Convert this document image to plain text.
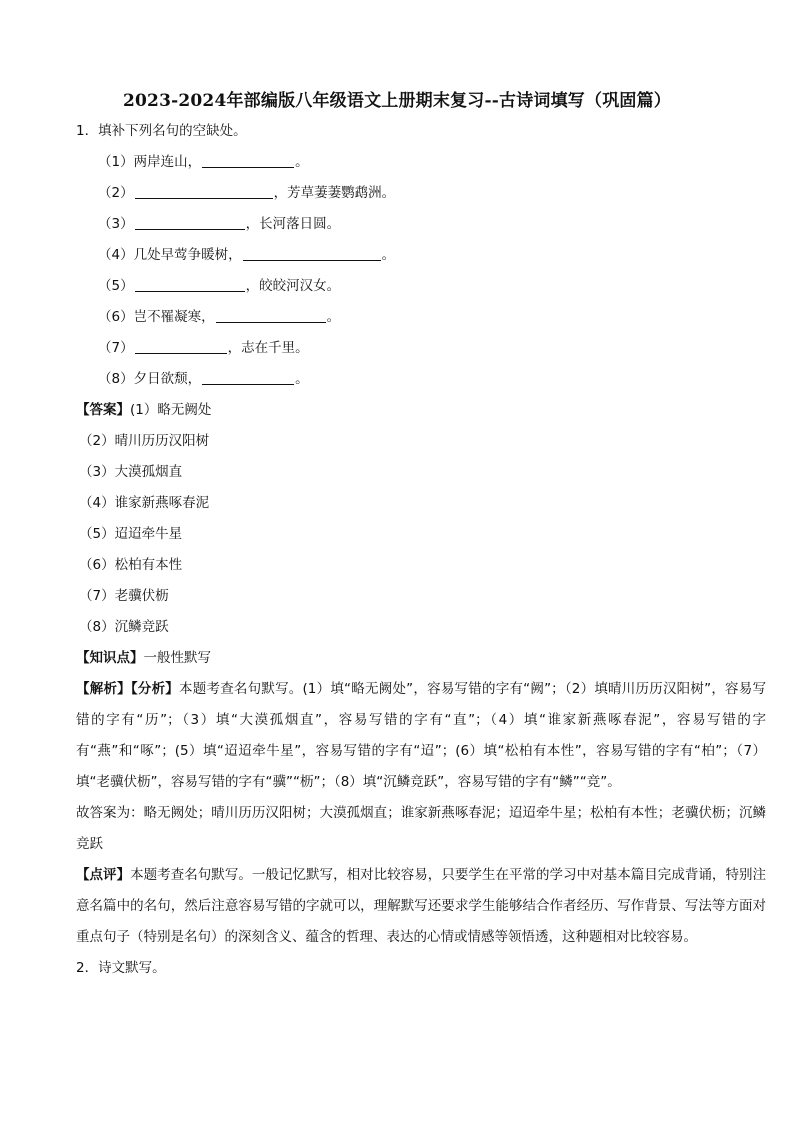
2023-2024年部编版八年级语文上册期末复习--古诗词填写（巩固篇）
1．填补下列名句的空缺处。
（1）两岸连山，	。
（2）	，芳草萋萋鹦鹉洲。
（3）	，长河落日圆。
（4）几处早莺争暖树，	。
（5）	，皎皎河汉女。
（6）岂不罹凝寒，	。
（7）	，志在千里。
（8）夕日欲颓，	。
【答案】(1）略无阙处
（2）晴川历历汉阳树
（3）大漠孤烟直
（4）谁家新燕啄春泥
（5）迢迢牵牛星
（6）松柏有本性
（7）老骥伏枥
（8）沉鳞竞跃
【知识点】一般性默写
【解析】【分析】本题考查名句默写。(1）填“略无阙处”，容易写错的字有“阙”；（2）填晴川历历汉阳树”，容易写错的字有“历”；（3）填“大漠孤烟直”，容易写错的字有“直”；（4）填“谁家新燕啄春泥”，容易写错的字有“燕”和“啄”；(5）填“迢迢牵牛星”，容易写错的字有“迢”；(6）填“松柏有本性”，容易写错的字有“柏”；（7）填“老骥伏枥”，容易写错的字有“骥”“枥”；（8）填“沉鳞竞跃”，容易写错的字有“鳞”“竞”。
故答案为：略无阙处；晴川历历汉阳树；大漠孤烟直；谁家新燕啄春泥；迢迢牵牛星；松柏有本性；老骥伏枥；沉鳞竞跃
【点评】本题考查名句默写。一般记忆默写，相对比较容易，只要学生在平常的学习中对基本篇目完成背诵，特别注意名篇中的名句，然后注意容易写错的字就可以，理解默写还要求学生能够结合作者经历、写作背景、写法等方面对重点句子（特别是名句）的深刻含义、蕴含的哲理、表达的心情或情感等领悟透，这种题相对比较容易。
2．诗文默写。
